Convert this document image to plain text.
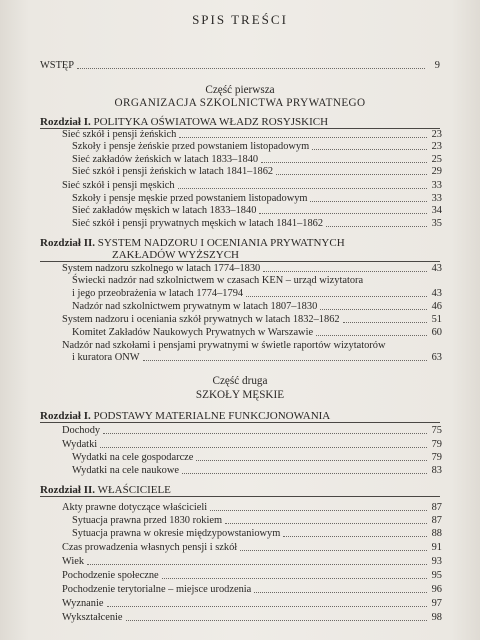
SPIS TREŚCI
WSTĘP	9
Część pierwsza
ORGANIZACJA SZKOLNICTWA PRYWATNEGO
Rozdział I. POLITYKA OŚWIATOWA WŁADZ ROSYJSKICH
Sieć szkół i pensji żeńskich	23
Szkoły i pensje żeńskie przed powstaniem listopadowym	23
Sieć zakładów żeńskich w latach 1833–1840	25
Sieć szkół i pensji żeńskich w latach 1841–1862	29
Sieć szkół i pensji męskich	33
Szkoły i pensje męskie przed powstaniem listopadowym	33
Sieć zakładów męskich w latach 1833–1840	34
Sieć szkół i pensji prywatnych męskich w latach 1841–1862	35
Rozdział II. SYSTEM NADZORU I OCENIANIA PRYWATNYCH
ZAKŁADÓW WYŻSZYCH
System nadzoru szkolnego w latach 1774–1830	43
Świecki nadzór nad szkolnictwem w czasach KEN – urząd wizytatora
i jego przeobrażenia w latach 1774–1794	43
Nadzór nad szkolnictwem prywatnym w latach 1807–1830	46
System nadzoru i oceniania szkół prywatnych w latach 1832–1862	51
Komitet Zakładów Naukowych Prywatnych w Warszawie	60
Nadzór nad szkołami i pensjami prywatnymi w świetle raportów wizytatorów
i kuratora ONW	63
Część druga
SZKOŁY MĘSKIE
Rozdział I. PODSTAWY MATERIALNE FUNKCJONOWANIA
Dochody	75
Wydatki	79
Wydatki na cele gospodarcze	79
Wydatki na cele naukowe	83
Rozdział II. WŁAŚCICIELE
Akty prawne dotyczące właścicieli	87
Sytuacja prawna przed 1830 rokiem	87
Sytuacja prawna w okresie międzypowstaniowym	88
Czas prowadzenia własnych pensji i szkół	91
Wiek	93
Pochodzenie społeczne	95
Pochodzenie terytorialne – miejsce urodzenia	96
Wyznanie	97
Wykształcenie	98
